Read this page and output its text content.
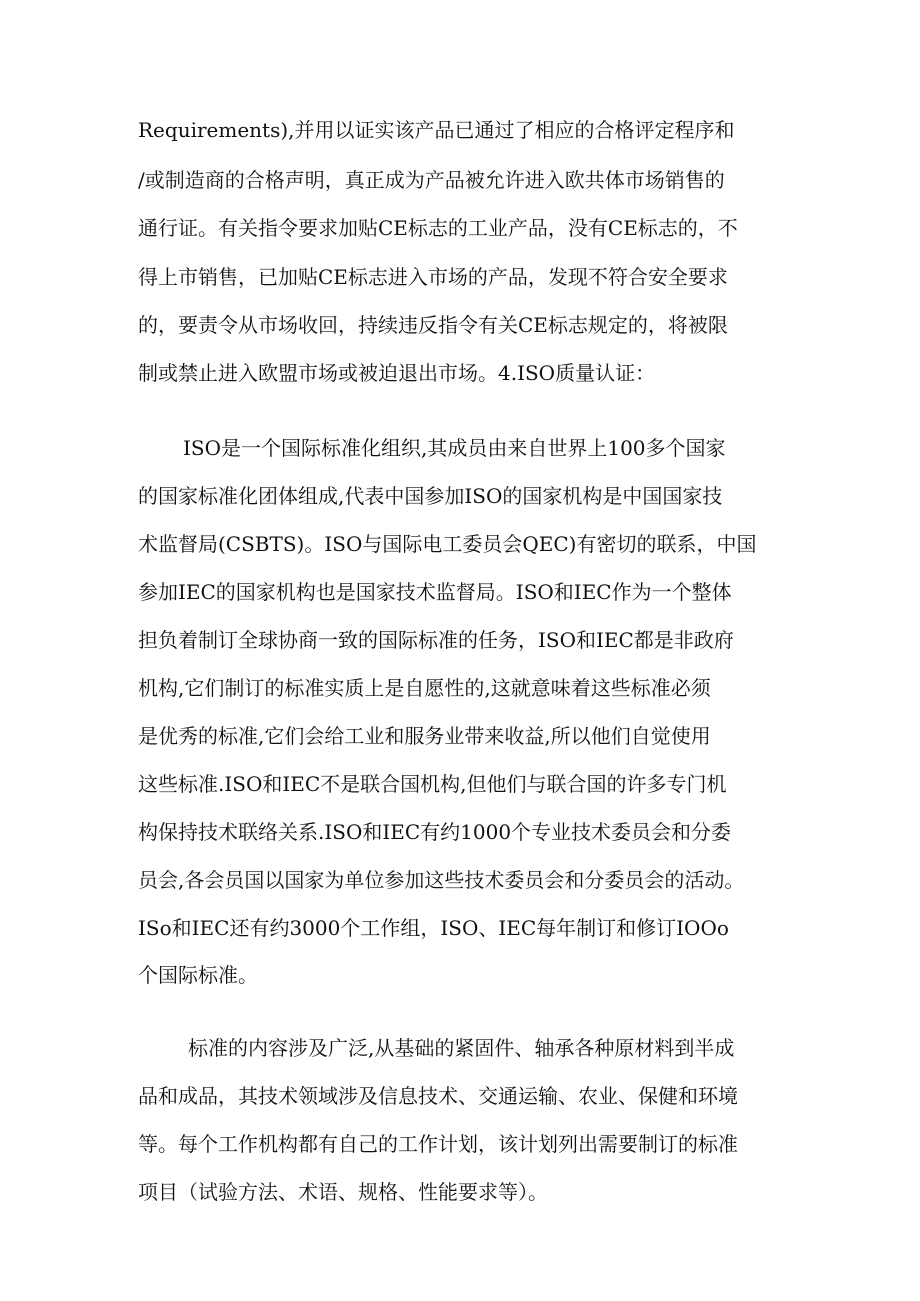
Requirements),并用以证实该产品已通过了相应的合格评定程序和
/或制造商的合格声明，真正成为产品被允许进入欧共体市场销售的
通行证。有关指令要求加贴CE标志的工业产品，没有CE标志的，不
得上市销售，已加贴CE标志进入市场的产品，发现不符合安全要求
的，要责令从市场收回，持续违反指令有关CE标志规定的，将被限
制或禁止进入欧盟市场或被迫退出市场。4.ISO质量认证：
ISO是一个国际标准化组织,其成员由来自世界上100多个国家
的国家标准化团体组成,代表中国参加ISO的国家机构是中国国家技
术监督局(CSBTS)。ISO与国际电工委员会QEC)有密切的联系，中国
参加IEC的国家机构也是国家技术监督局。ISO和IEC作为一个整体
担负着制订全球协商一致的国际标准的任务，ISO和IEC都是非政府
机构,它们制订的标准实质上是自愿性的,这就意味着这些标准必须
是优秀的标准,它们会给工业和服务业带来收益,所以他们自觉使用
这些标准.ISO和IEC不是联合国机构,但他们与联合国的许多专门机
构保持技术联络关系.ISO和IEC有约1000个专业技术委员会和分委
员会,各会员国以国家为单位参加这些技术委员会和分委员会的活动。
ISo和IEC还有约3000个工作组，ISO、IEC每年制订和修订IOOo
个国际标准。
标准的内容涉及广泛,从基础的紧固件、轴承各种原材料到半成
品和成品，其技术领域涉及信息技术、交通运输、农业、保健和环境
等。每个工作机构都有自己的工作计划，该计划列出需要制订的标准
项目（试验方法、术语、规格、性能要求等）。
